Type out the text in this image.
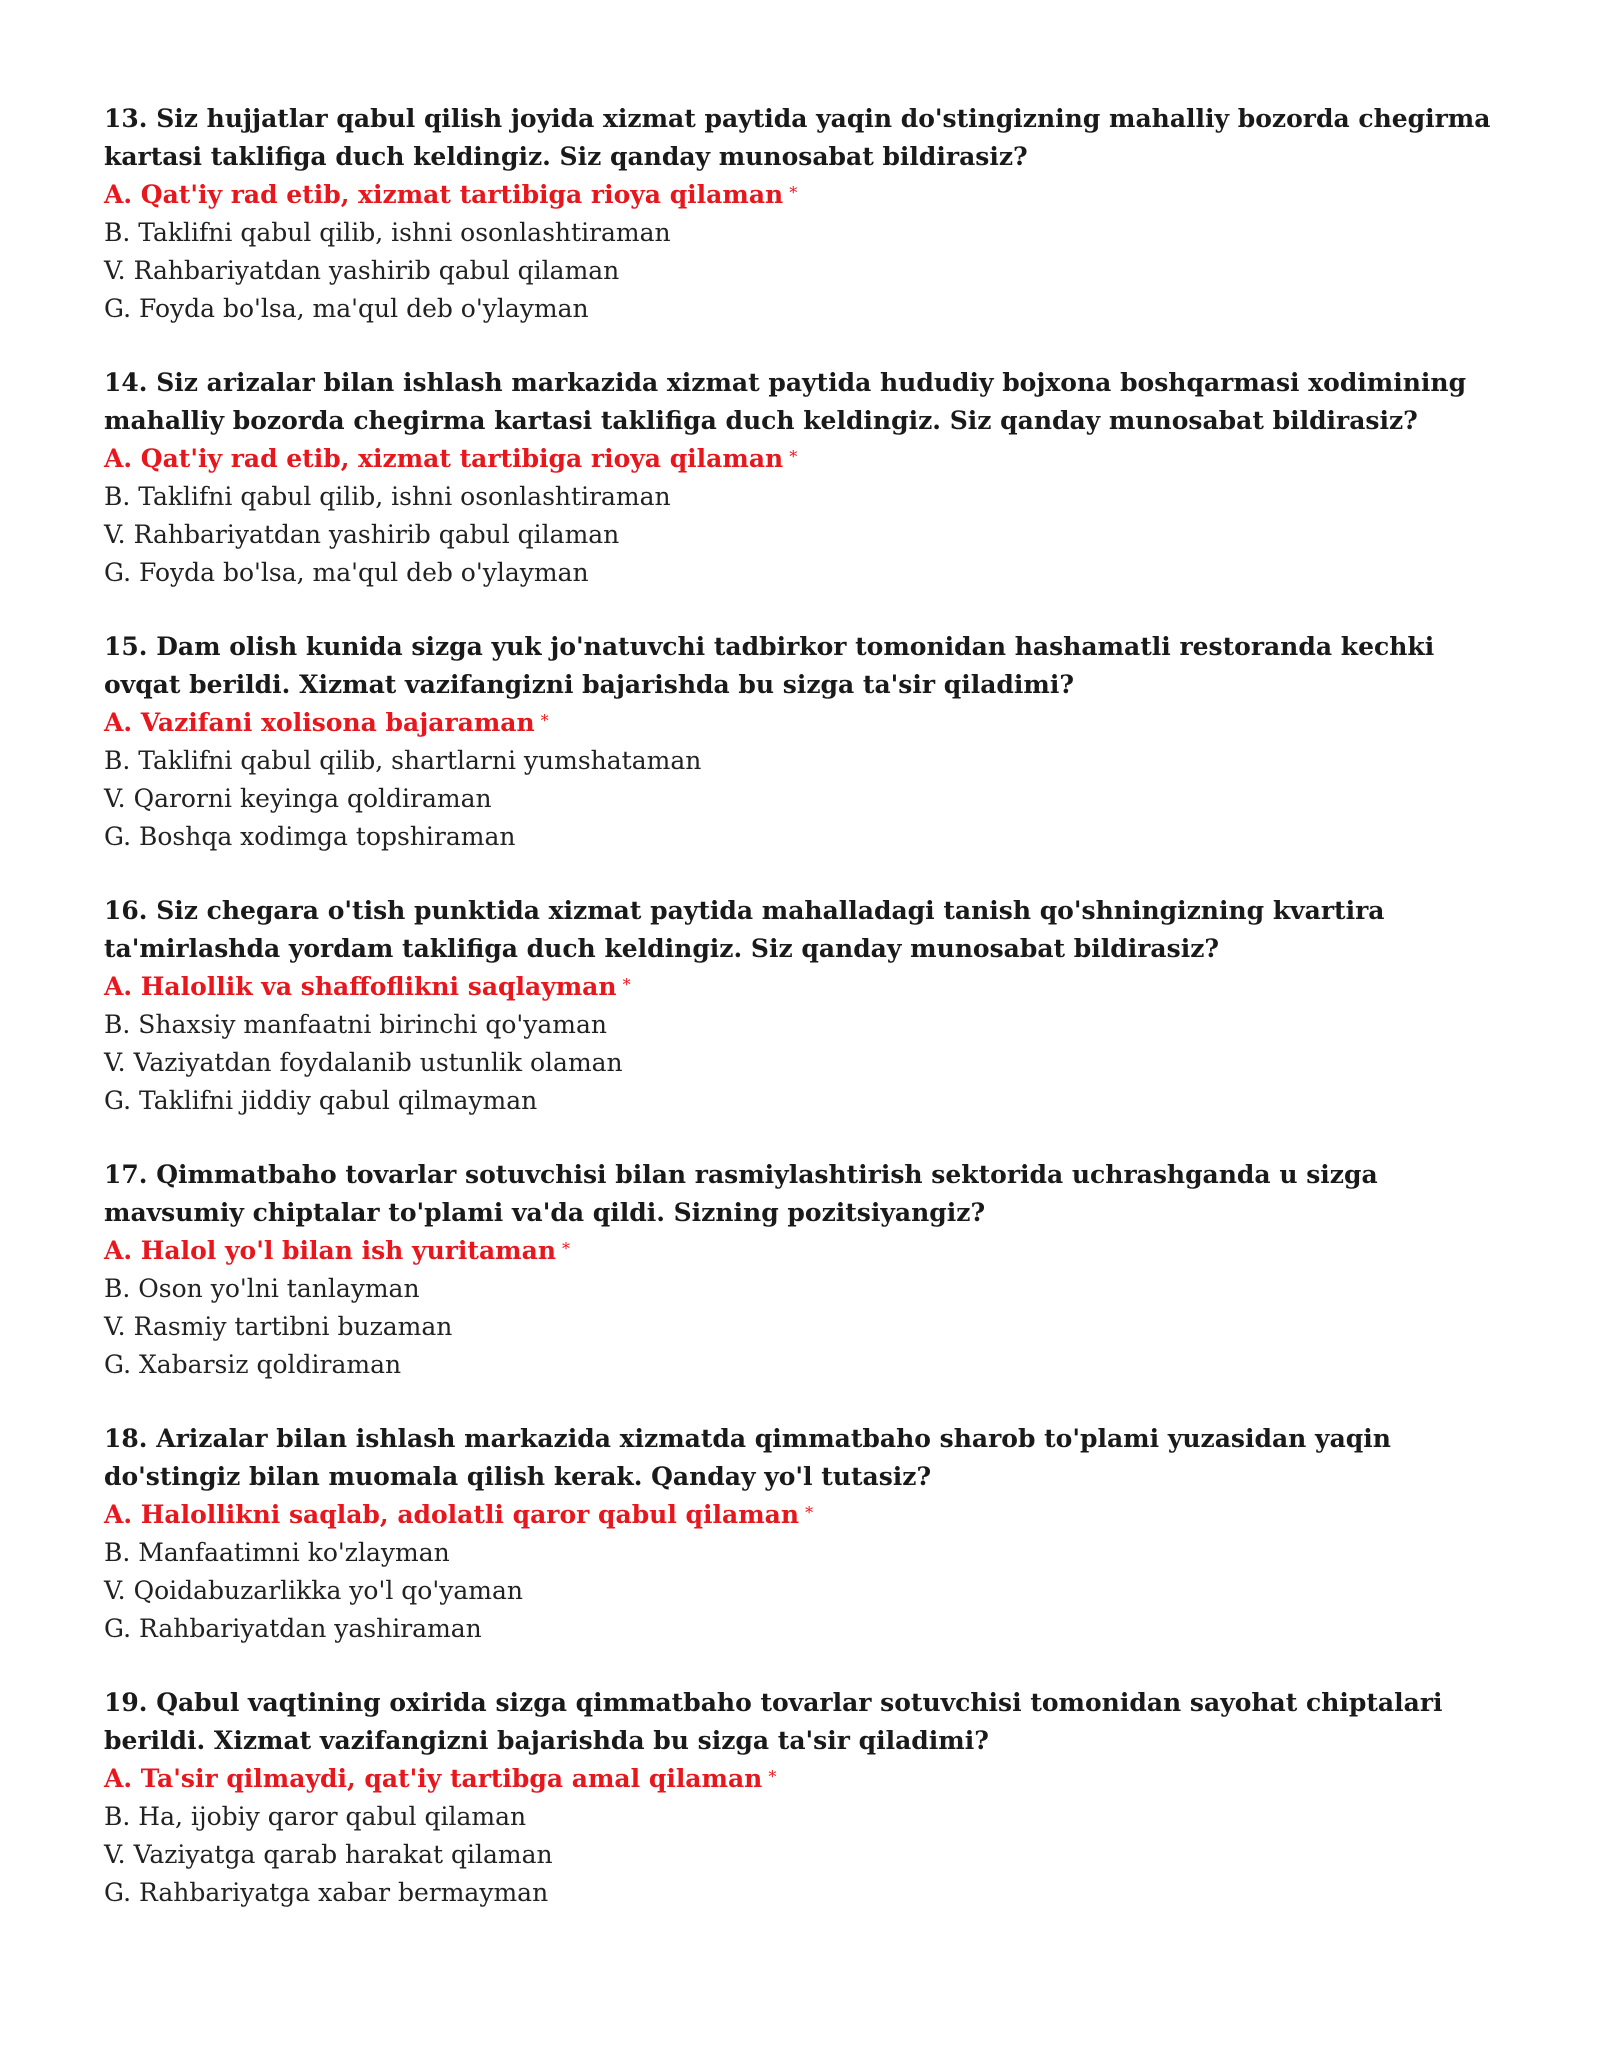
13. Siz hujjatlar qabul qilish joyida xizmat paytida yaqin do'stingizning mahalliy bozorda chegirma kartasi taklifiga duch keldingiz. Siz qanday munosabat bildirasiz?

A. Qat'iy rad etib, xizmat tartibiga rioya qilaman *
B. Taklifni qabul qilib, ishni osonlashtiraman
V. Rahbariyatdan yashirib qabul qilaman
G. Foyda bo'lsa, ma'qul deb o'ylayman

14. Siz arizalar bilan ishlash markazida xizmat paytida hududiy bojxona boshqarmasi xodimining mahalliy bozorda chegirma kartasi taklifiga duch keldingiz. Siz qanday munosabat bildirasiz?

A. Qat'iy rad etib, xizmat tartibiga rioya qilaman *
B. Taklifni qabul qilib, ishni osonlashtiraman
V. Rahbariyatdan yashirib qabul qilaman
G. Foyda bo'lsa, ma'qul deb o'ylayman

15. Dam olish kunida sizga yuk jo'natuvchi tadbirkor tomonidan hashamatli restoranda kechki ovqat berildi. Xizmat vazifangizni bajarishda bu sizga ta'sir qiladimi?

A. Vazifani xolisona bajaraman *
B. Taklifni qabul qilib, shartlarni yumshataman
V. Qarorni keyinga qoldiraman
G. Boshqa xodimga topshiraman

16. Siz chegara o'tish punktida xizmat paytida mahalladagi tanish qo'shningizning kvartira ta'mirlashda yordam taklifiga duch keldingiz. Siz qanday munosabat bildirasiz?

A. Halollik va shaffoflikni saqlayman *
B. Shaxsiy manfaatni birinchi qo'yaman
V. Vaziyatdan foydalanib ustunlik olaman
G. Taklifni jiddiy qabul qilmayman

17. Qimmatbaho tovarlar sotuvchisi bilan rasmiylashtirish sektorida uchrashganda u sizga mavsumiy chiptalar to'plami va'da qildi. Sizning pozitsiyangiz?

A. Halol yo'l bilan ish yuritaman *
B. Oson yo'lni tanlayman
V. Rasmiy tartibni buzaman
G. Xabarsiz qoldiraman

18. Arizalar bilan ishlash markazida xizmatda qimmatbaho sharob to'plami yuzasidan yaqin do'stingiz bilan muomala qilish kerak. Qanday yo'l tutasiz?

A. Halollikni saqlab, adolatli qaror qabul qilaman *
B. Manfaatimni ko'zlayman
V. Qoidabuzarlikka yo'l qo'yaman
G. Rahbariyatdan yashiraman

19. Qabul vaqtining oxirida sizga qimmatbaho tovarlar sotuvchisi tomonidan sayohat chiptalari berildi. Xizmat vazifangizni bajarishda bu sizga ta'sir qiladimi?

A. Ta'sir qilmaydi, qat'iy tartibga amal qilaman *
B. Ha, ijobiy qaror qabul qilaman
V. Vaziyatga qarab harakat qilaman
G. Rahbariyatga xabar bermayman
